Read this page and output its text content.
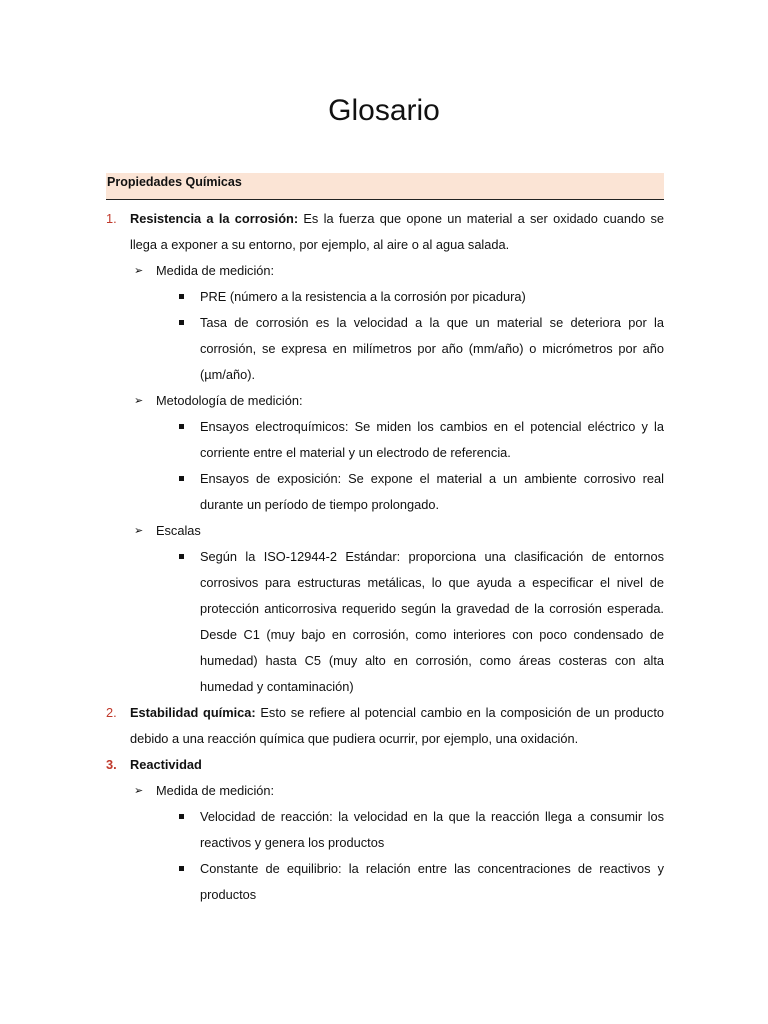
Glosario
Propiedades Químicas
1. Resistencia a la corrosión: Es la fuerza que opone un material a ser oxidado cuando se llega a exponer a su entorno, por ejemplo, al aire o al agua salada.
➢ Medida de medición:
PRE (número a la resistencia a la corrosión por picadura)
Tasa de corrosión es la velocidad a la que un material se deteriora por la corrosión, se expresa en milímetros por año (mm/año) o micrómetros por año (µm/año).
➢ Metodología de medición:
Ensayos electroquímicos: Se miden los cambios en el potencial eléctrico y la corriente entre el material y un electrodo de referencia.
Ensayos de exposición: Se expone el material a un ambiente corrosivo real durante un período de tiempo prolongado.
➢ Escalas
Según la ISO-12944-2 Estándar: proporciona una clasificación de entornos corrosivos para estructuras metálicas, lo que ayuda a especificar el nivel de protección anticorrosiva requerido según la gravedad de la corrosión esperada. Desde C1 (muy bajo en corrosión, como interiores con poco condensado de humedad) hasta C5 (muy alto en corrosión, como áreas costeras con alta humedad y contaminación)
2. Estabilidad química: Esto se refiere al potencial cambio en la composición de un producto debido a una reacción química que pudiera ocurrir, por ejemplo, una oxidación.
3. Reactividad
➢ Medida de medición:
Velocidad de reacción: la velocidad en la que la reacción llega a consumir los reactivos y genera los productos
Constante de equilibrio: la relación entre las concentraciones de reactivos y productos
